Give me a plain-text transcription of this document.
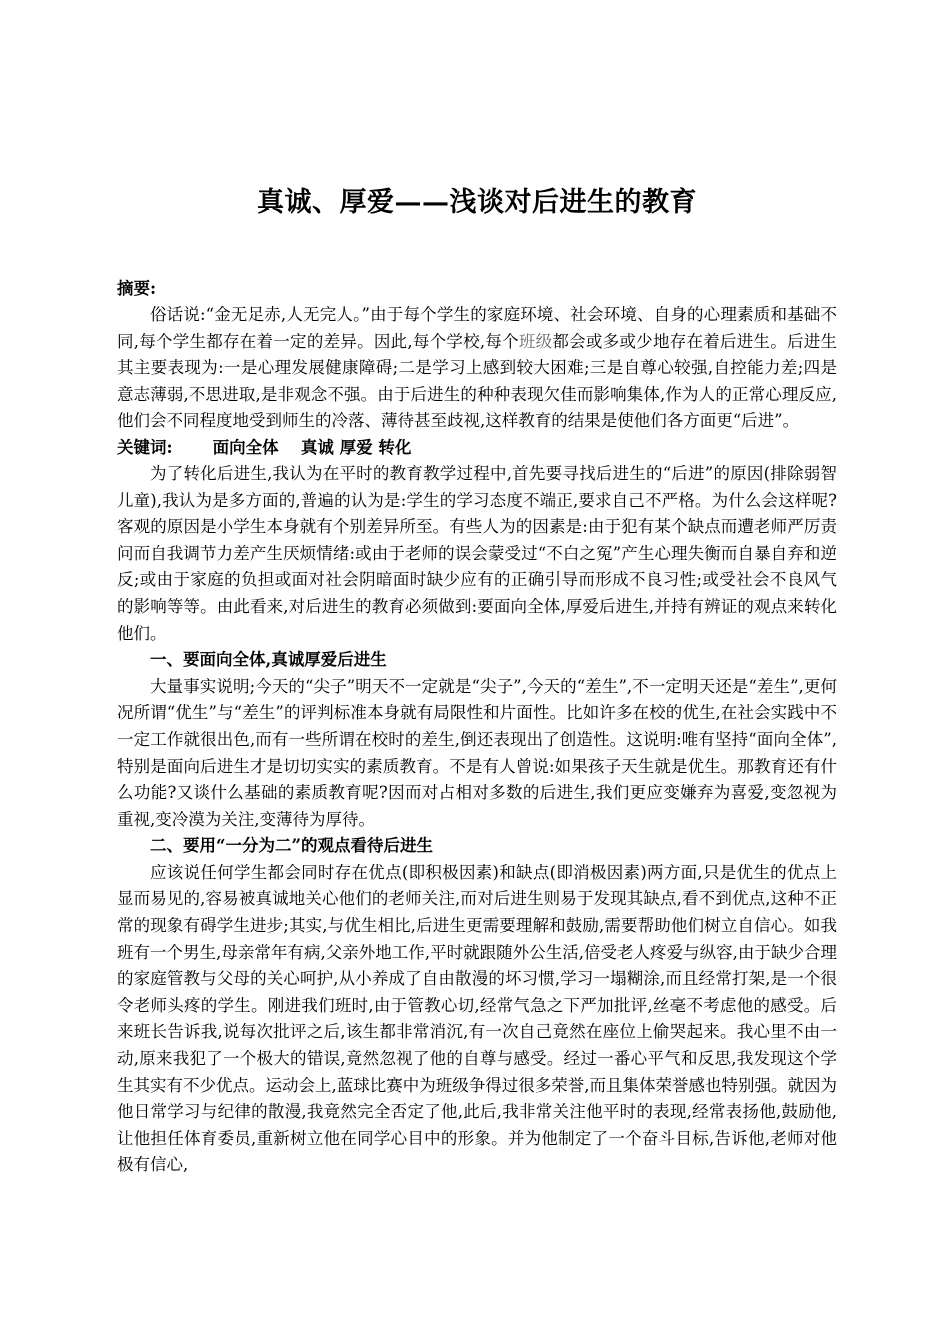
真诚、厚爱——浅谈对后进生的教育

摘要:

俗话说:“金无足赤,人无完人。”由于每个学生的家庭环境、社会环境、自身的心理素质和基础不同,每个学生都存在着一定的差异。因此,每个学校,每个班级都会或多或少地存在着后进生。后进生其主要表现为:一是心理发展健康障碍;二是学习上感到较大困难;三是自尊心较强,自控能力差;四是意志薄弱,不思进取,是非观念不强。由于后进生的种种表现欠佳而影响集体,作为人的正常心理反应,他们会不同程度地受到师生的冷落、薄待甚至歧视,这样教育的结果是使他们各方面更“后进”。

关键词: 面向全体　 真诚 厚爱 转化

为了转化后进生,我认为在平时的教育教学过程中,首先要寻找后进生的“后进”的原因(排除弱智儿童),我认为是多方面的,普遍的认为是:学生的学习态度不端正,要求自己不严格。为什么会这样呢?客观的原因是小学生本身就有个别差异所至。有些人为的因素是:由于犯有某个缺点而遭老师严厉责问而自我调节力差产生厌烦情绪:或由于老师的误会蒙受过“不白之冤”产生心理失衡而自暴自弃和逆反;或由于家庭的负担或面对社会阴暗面时缺少应有的正确引导而形成不良习性;或受社会不良风气的影响等等。由此看来,对后进生的教育必须做到:要面向全体,厚爱后进生,并持有辨证的观点来转化他们。

一、要面向全体,真诚厚爱后进生

大量事实说明;今天的“尖子”明天不一定就是“尖子”,今天的“差生”,不一定明天还是“差生”,更何况所谓“优生”与“差生”的评判标准本身就有局限性和片面性。比如许多在校的优生,在社会实践中不一定工作就很出色,而有一些所谓在校时的差生,倒还表现出了创造性。这说明:唯有坚持“面向全体”,特别是面向后进生才是切切实实的素质教育。不是有人曾说:如果孩子天生就是优生。那教育还有什么功能?又谈什么基础的素质教育呢?因而对占相对多数的后进生,我们更应变嫌弃为喜爱,变忽视为重视,变冷漠为关注,变薄待为厚待。

二、要用“一分为二”的观点看待后进生

应该说任何学生都会同时存在优点(即积极因素)和缺点(即消极因素)两方面,只是优生的优点上显而易见的,容易被真诚地关心他们的老师关注,而对后进生则易于发现其缺点,看不到优点,这种不正常的现象有碍学生进步;其实,与优生相比,后进生更需要理解和鼓励,需要帮助他们树立自信心。如我班有一个男生,母亲常年有病,父亲外地工作,平时就跟随外公生活,倍受老人疼爱与纵容,由于缺少合理的家庭管教与父母的关心呵护,从小养成了自由散漫的坏习惯,学习一塌糊涂,而且经常打架,是一个很令老师头疼的学生。刚进我们班时,由于管教心切,经常气急之下严加批评,丝毫不考虑他的感受。后来班长告诉我,说每次批评之后,该生都非常消沉,有一次自己竟然在座位上偷哭起来。我心里不由一动,原来我犯了一个极大的错误,竟然忽视了他的自尊与感受。经过一番心平气和反思,我发现这个学生其实有不少优点。运动会上,蓝球比赛中为班级争得过很多荣誉,而且集体荣誉感也特别强。就因为他日常学习与纪律的散漫,我竟然完全否定了他,此后,我非常关注他平时的表现,经常表扬他,鼓励他,让他担任体育委员,重新树立他在同学心目中的形象。并为他制定了一个奋斗目标,告诉他,老师对他极有信心,
